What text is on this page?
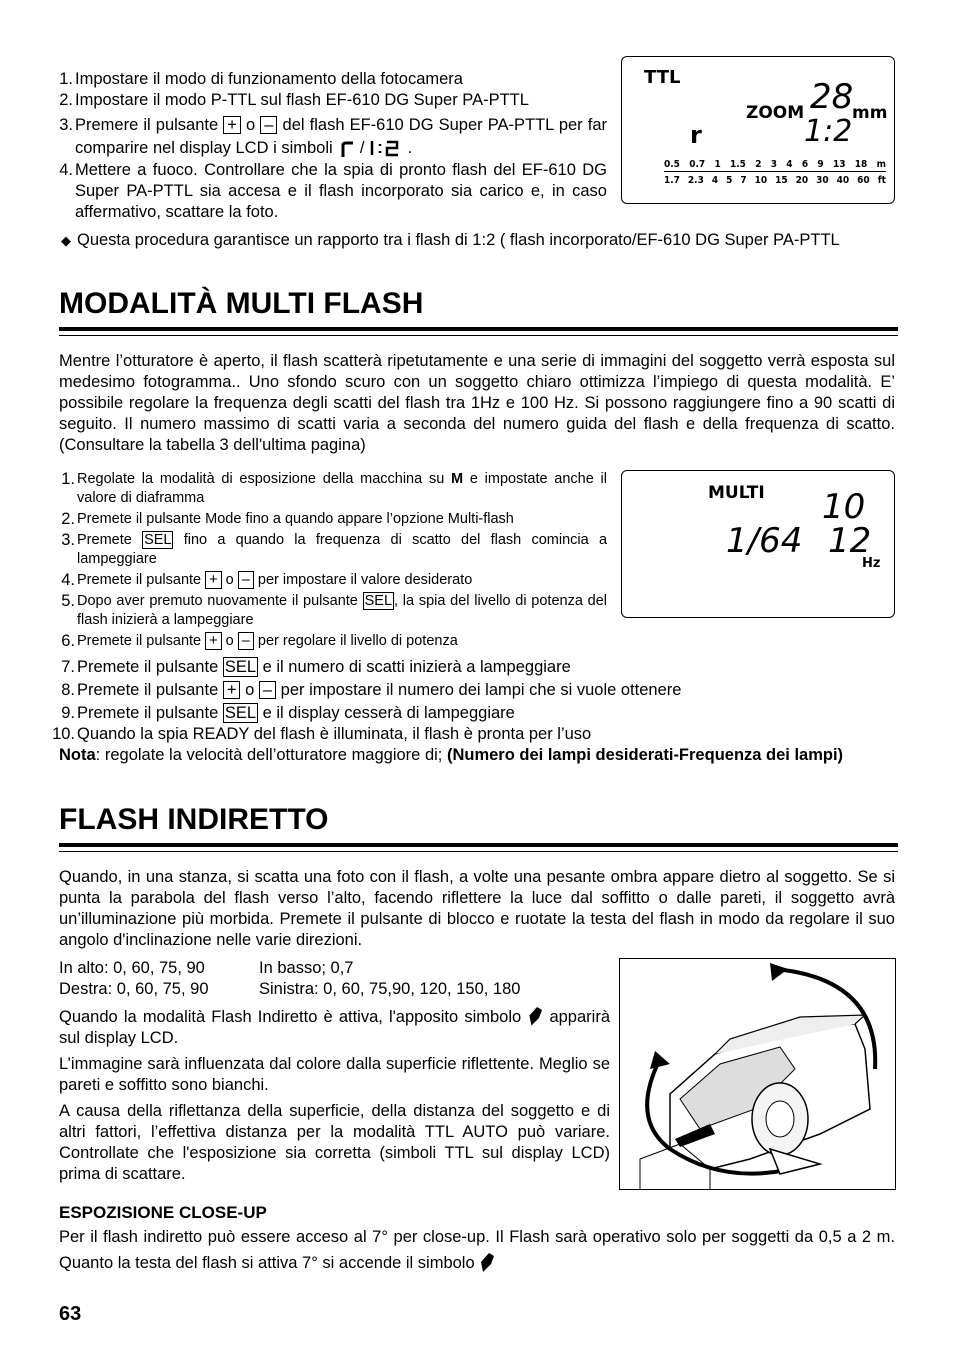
1. Impostare il modo di funzionamento della fotocamera
2. Impostare il modo P-TTL sul flash EF-610 DG Super PA-PTTL
3. Premere il pulsante + o – del flash EF-610 DG Super PA-PTTL per far comparire nel display LCD i simboli /	.
4. Mettere a fuoco. Controllare che la spia di pronto flash del EF-610 DG Super PA-PTTL sia accesa e il flash incorporato sia carico e, in caso affermativo, scattare la foto.
TTL
ZOOM 28
mm
r	1:2
0.5 0.7 1 1.5 2 3 4 6 9 13 18 m
1.7 2.3 4 5 7 10 15 20 30 40 60 ft
◆ Questa procedura garantisce un rapporto tra i flash di 1:2 ( flash incorporato/EF-610 DG Super PA-PTTL
MODALITÀ MULTI FLASH
Mentre l’otturatore è aperto, il flash scatterà ripetutamente e una serie di immagini del soggetto verrà esposta sul medesimo fotogramma.. Uno sfondo scuro con un soggetto chiaro ottimizza l’impiego di questa modalità. E’ possibile regolare la frequenza degli scatti del flash tra 1Hz e 100 Hz. Si possono raggiungere fino a 90 scatti di seguito. Il numero massimo di scatti varia a seconda del numero guida del flash e della frequenza di scatto. (Consultare la tabella 3 dell'ultima pagina)
1. Regolate la modalità di esposizione della macchina su M e impostate anche il valore di diaframma
2. Premete il pulsante Mode fino a quando appare l’opzione Multi-flash
3. Premete SEL fino a quando la frequenza di scatto del flash comincia a lampeggiare
4. Premete il pulsante + o – per impostare il valore desiderato
5. Dopo aver premuto nuovamente il pulsante SEL , la spia del livello di potenza del flash inizierà a lampeggiare
6. Premete il pulsante + o – per regolare il livello di potenza
7. Premete il pulsante SEL e il numero di scatti inizierà a lampeggiare
8. Premete il pulsante + o – per impostare il numero dei lampi che si vuole ottenere
9. Premete il pulsante SEL e il display cesserà di lampeggiare
10. Quando la spia READY del flash è illuminata, il flash è pronta per l’uso
Nota: regolate la velocità dell’otturatore maggiore di; (Numero dei lampi desiderati-Frequenza dei lampi)
MULTI 10
1/64 12
Hz
FLASH INDIRETTO
Quando, in una stanza, si scatta una foto con il flash, a volte una pesante ombra appare dietro al soggetto. Se si punta la parabola del flash verso l’alto, facendo riflettere la luce dal soffitto o dalle pareti, il soggetto avrà un’illuminazione più morbida. Premete il pulsante di blocco e ruotate la testa del flash in modo da regolare il suo angolo d'inclinazione nelle varie direzioni.
In alto: 0, 60, 75, 90	In basso; 0,7
Destra: 0, 60, 75, 90	Sinistra: 0, 60, 75,90, 120, 150, 180
Quando la modalità Flash Indiretto è attiva, l'apposito simbolo apparirà sul display LCD.
L’immagine sarà influenzata dal colore dalla superficie riflettente. Meglio se pareti e soffitto sono bianchi.
A causa della riflettanza della superficie, della distanza del soggetto e di altri fattori, l’effettiva distanza per la modalità TTL AUTO può variare. Controllate che l'esposizione sia corretta (simboli TTL sul display LCD) prima di scattare.
ESPOZISIONE CLOSE-UP
Per il flash indiretto può essere acceso al 7° per close-up. Il Flash sarà operativo solo per soggetti da 0,5 a 2 m. Quanto la testa del flash si attiva 7° si accende il simbolo
63
